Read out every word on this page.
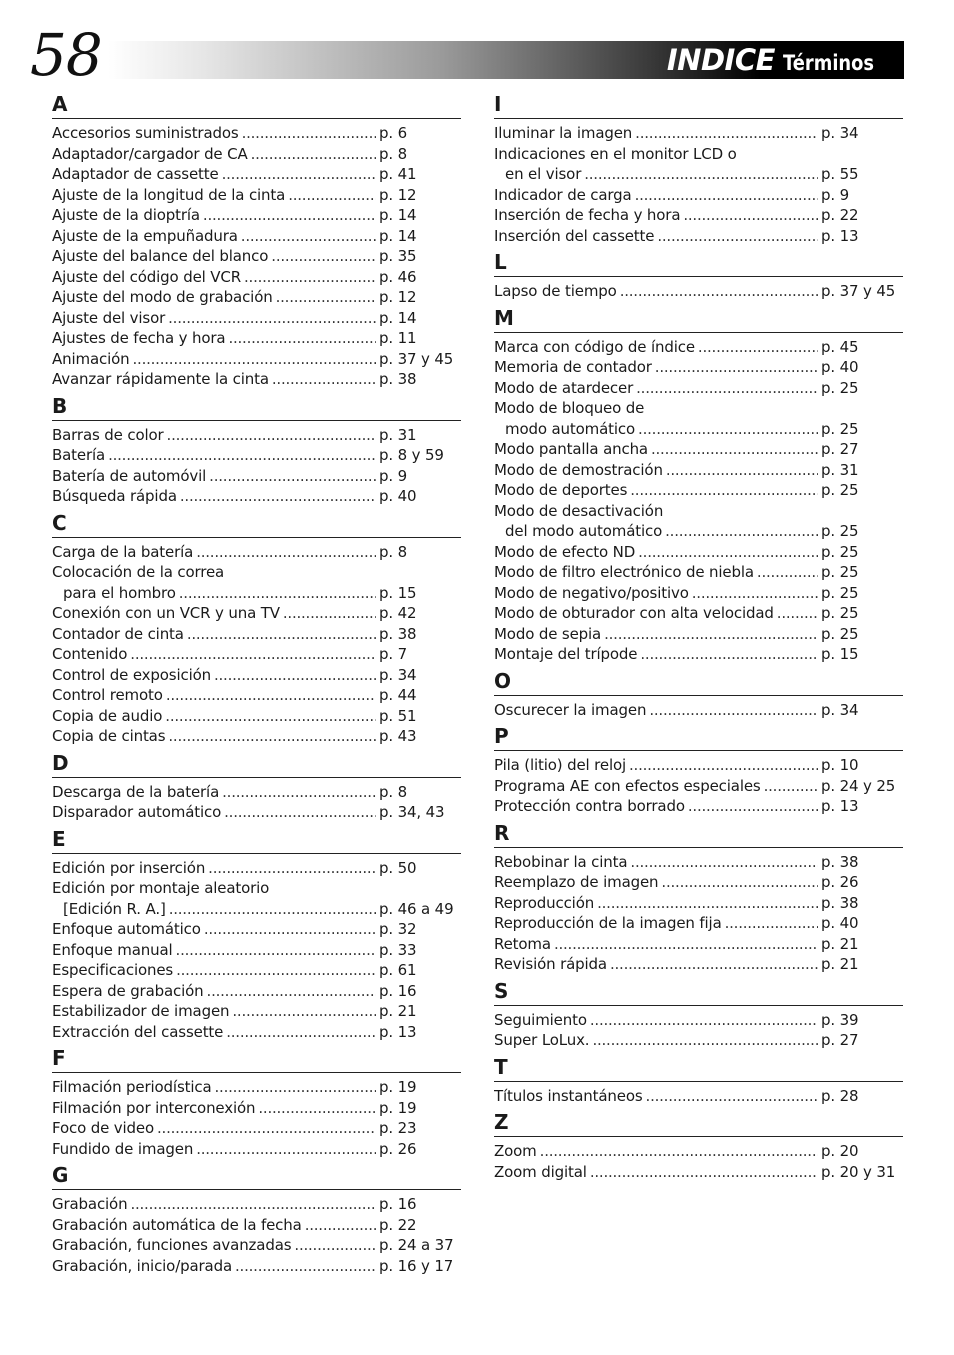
58	INDICE Términos
A
Accesorios suministrados . . .	p. 6
Adaptador/cargador de CA . . .	p. 8
Adaptador de cassette . . .	p. 41
Ajuste de la longitud de la cinta . . .	p. 12
Ajuste de la dioptría . . .	p. 14
Ajuste de la empuñadura . . .	p. 14
Ajuste del balance del blanco . . .	p. 35
Ajuste del código del VCR . . .	p. 46
Ajuste del modo de grabación . . .	p. 12
Ajuste del visor . . .	p. 14
Ajustes de fecha y hora . . .	p. 11
Animación . . .	p. 37 y 45
Avanzar rápidamente la cinta . . .	p. 38
B
Barras de color . . .	p. 31
Batería . . .	p. 8 y 59
Batería de automóvil . . .	p. 9
Búsqueda rápida . . .	p. 40
C
Carga de la batería . . .	p. 8
Colocación de la correa
para el hombro . . .	p. 15
Conexión con un VCR y una TV . . .	p. 42
Contador de cinta . . .	p. 38
Contenido . . .	p. 7
Control de exposición . . .	p. 34
Control remoto . . .	p. 44
Copia de audio . . .	p. 51
Copia de cintas . . .	p. 43
D
Descarga de la batería . . .	p. 8
Disparador automático . . .	p. 34, 43
E
Edición por inserción . . .	p. 50
Edición por montaje aleatorio
[Edición R. A.] . . .	p. 46 a 49
Enfoque automático . . .	p. 32
Enfoque manual . . .	p. 33
Especificaciones . . .	p. 61
Espera de grabación . . .	p. 16
Estabilizador de imagen . . .	p. 21
Extracción del cassette . . .	p. 13
F
Filmación periodística . . .	p. 19
Filmación por interconexión . . .	p. 19
Foco de video . . .	p. 23
Fundido de imagen . . .	p. 26
G
Grabación . . .	p. 16
Grabación automática de la fecha . . .	p. 22
Grabación, funciones avanzadas . . .	p. 24 a 37
Grabación, inicio/parada . . .	p. 16 y 17
I
Iluminar la imagen . . .	p. 34
Indicaciones en el monitor LCD o
en el visor . . .	p. 55
Indicador de carga . . .	p. 9
Inserción de fecha y hora . . .	p. 22
Inserción del cassette . . .	p. 13
L
Lapso de tiempo . . .	p. 37 y 45
M
Marca con código de índice . . .	p. 45
Memoria de contador . . .	p. 40
Modo de atardecer . . .	p. 25
Modo de bloqueo de
modo automático . . .	p. 25
Modo pantalla ancha . . .	p. 27
Modo de demostración . . .	p. 31
Modo de deportes . . .	p. 25
Modo de desactivación
del modo automático . . .	p. 25
Modo de efecto ND . . .	p. 25
Modo de filtro electrónico de niebla . . .	p. 25
Modo de negativo/positivo . . .	p. 25
Modo de obturador con alta velocidad . . .	p. 25
Modo de sepia . . .	p. 25
Montaje del trípode . . .	p. 15
O
Oscurecer la imagen . . .	p. 34
P
Pila (litio) del reloj . . .	p. 10
Programa AE con efectos especiales . . .	p. 24 y 25
Protección contra borrado . . .	p. 13
R
Rebobinar la cinta . . .	p. 38
Reemplazo de imagen . . .	p. 26
Reproducción . . .	p. 38
Reproducción de la imagen fija . . .	p. 40
Retoma . . .	p. 21
Revisión rápida . . .	p. 21
S
Seguimiento . . .	p. 39
Super LoLux. . . .	p. 27
T
Títulos instantáneos . . .	p. 28
Z
Zoom . . .	p. 20
Zoom digital . . .	p. 20 y 31
